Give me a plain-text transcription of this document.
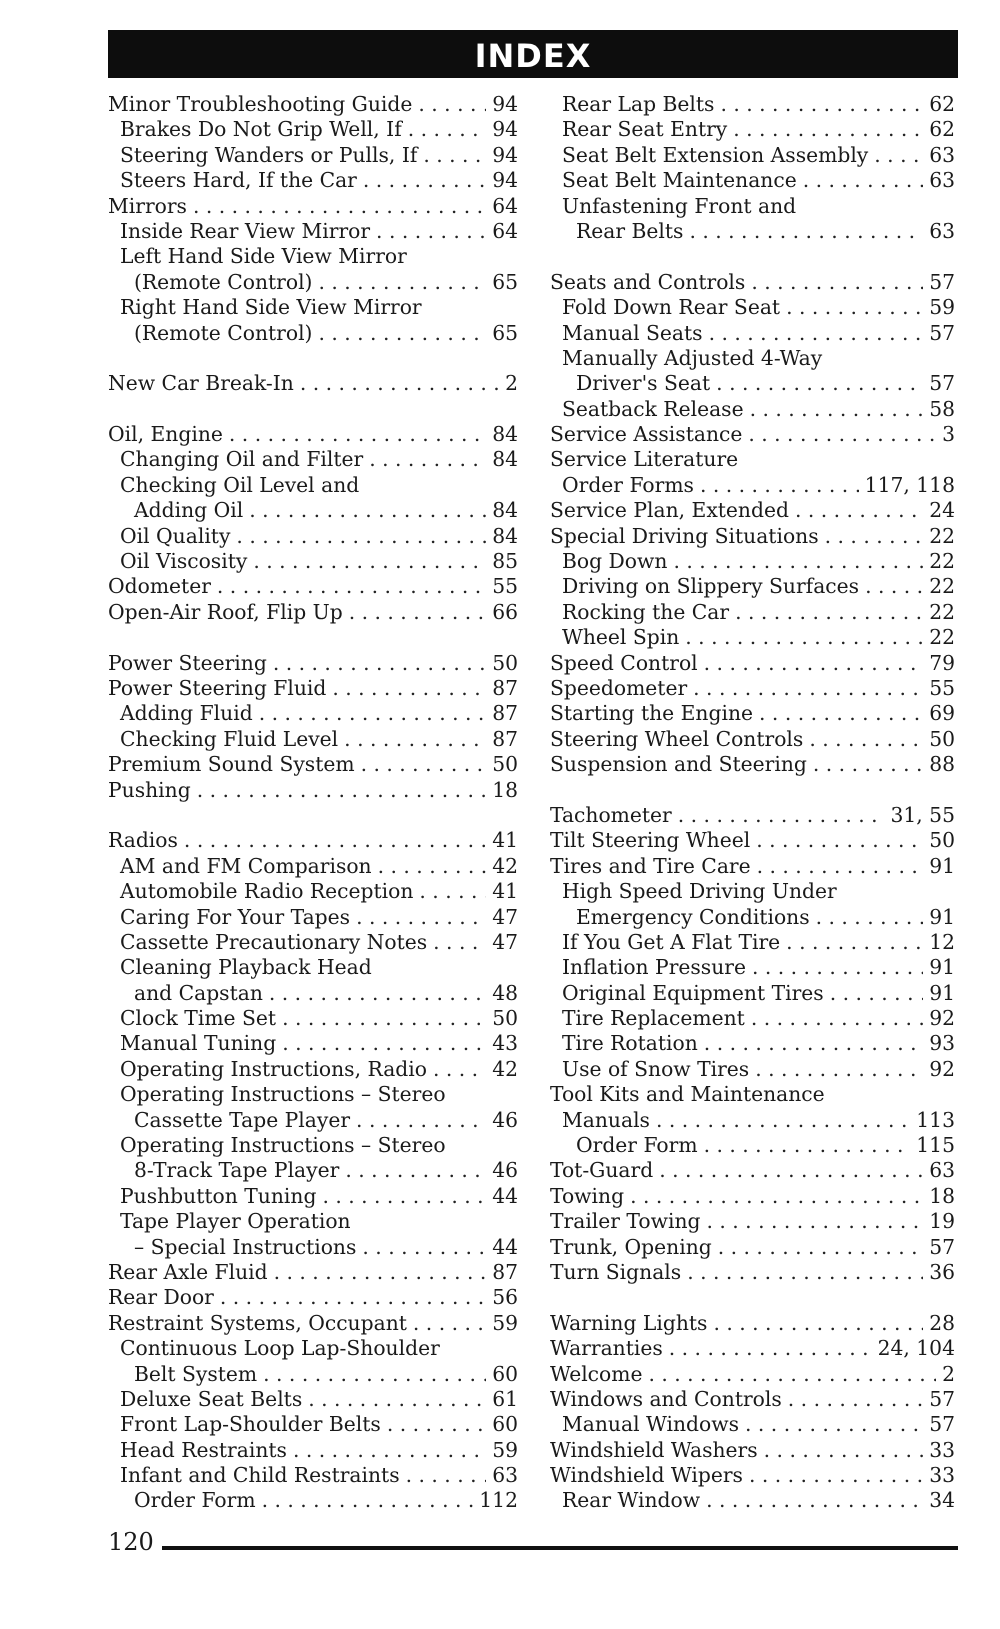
INDEX
Minor Troubleshooting Guide . . .	94
Brakes Do Not Grip Well, If . . .	94
Steering Wanders or Pulls, If . . .	94
Steers Hard, If the Car . . .	94
Mirrors . . .	64
Inside Rear View Mirror . . .	64
Left Hand Side View Mirror
(Remote Control) . . .	65
Right Hand Side View Mirror
(Remote Control) . . .	65
New Car Break-In . . .	2
Oil, Engine . . .	84
Changing Oil and Filter . . .	84
Checking Oil Level and
Adding Oil . . .	84
Oil Quality . . .	84
Oil Viscosity . . .	85
Odometer . . .	55
Open-Air Roof, Flip Up . . .	66
Power Steering . . .	50
Power Steering Fluid . . .	87
Adding Fluid . . .	87
Checking Fluid Level . . .	87
Premium Sound System . . .	50
Pushing . . .	18
Radios . . .	41
AM and FM Comparison . . .	42
Automobile Radio Reception . . .	41
Caring For Your Tapes . . .	47
Cassette Precautionary Notes . . .	47
Cleaning Playback Head
and Capstan . . .	48
Clock Time Set . . .	50
Manual Tuning . . .	43
Operating Instructions, Radio . . .	42
Operating Instructions – Stereo
Cassette Tape Player . . .	46
Operating Instructions – Stereo
8-Track Tape Player . . .	46
Pushbutton Tuning . . .	44
Tape Player Operation
– Special Instructions . . .	44
Rear Axle Fluid . . .	87
Rear Door . . .	56
Restraint Systems, Occupant . . .	59
Continuous Loop Lap-Shoulder
Belt System . . .	60
Deluxe Seat Belts . . .	61
Front Lap-Shoulder Belts . . .	60
Head Restraints . . .	59
Infant and Child Restraints . . .	63
Order Form . . .	112
Rear Lap Belts . . .	62
Rear Seat Entry . . .	62
Seat Belt Extension Assembly . . .	63
Seat Belt Maintenance . . .	63
Unfastening Front and
Rear Belts . . .	63
Seats and Controls . . .	57
Fold Down Rear Seat . . .	59
Manual Seats . . .	57
Manually Adjusted 4-Way
Driver's Seat . . .	57
Seatback Release . . .	58
Service Assistance . . .	3
Service Literature
Order Forms . . .	117, 118
Service Plan, Extended . . .	24
Special Driving Situations . . .	22
Bog Down . . .	22
Driving on Slippery Surfaces . . .	22
Rocking the Car . . .	22
Wheel Spin . . .	22
Speed Control . . .	79
Speedometer . . .	55
Starting the Engine . . .	69
Steering Wheel Controls . . .	50
Suspension and Steering . . .	88
Tachometer . . .	31, 55
Tilt Steering Wheel . . .	50
Tires and Tire Care . . .	91
High Speed Driving Under
Emergency Conditions . . .	91
If You Get A Flat Tire . . .	12
Inflation Pressure . . .	91
Original Equipment Tires . . .	91
Tire Replacement . . .	92
Tire Rotation . . .	93
Use of Snow Tires . . .	92
Tool Kits and Maintenance
Manuals . . .	113
Order Form . . .	115
Tot-Guard . . .	63
Towing . . .	18
Trailer Towing . . .	19
Trunk, Opening . . .	57
Turn Signals . . .	36
Warning Lights . . .	28
Warranties . . .	24, 104
Welcome . . .	2
Windows and Controls . . .	57
Manual Windows . . .	57
Windshield Washers . . .	33
Windshield Wipers . . .	33
Rear Window . . .	34
120
